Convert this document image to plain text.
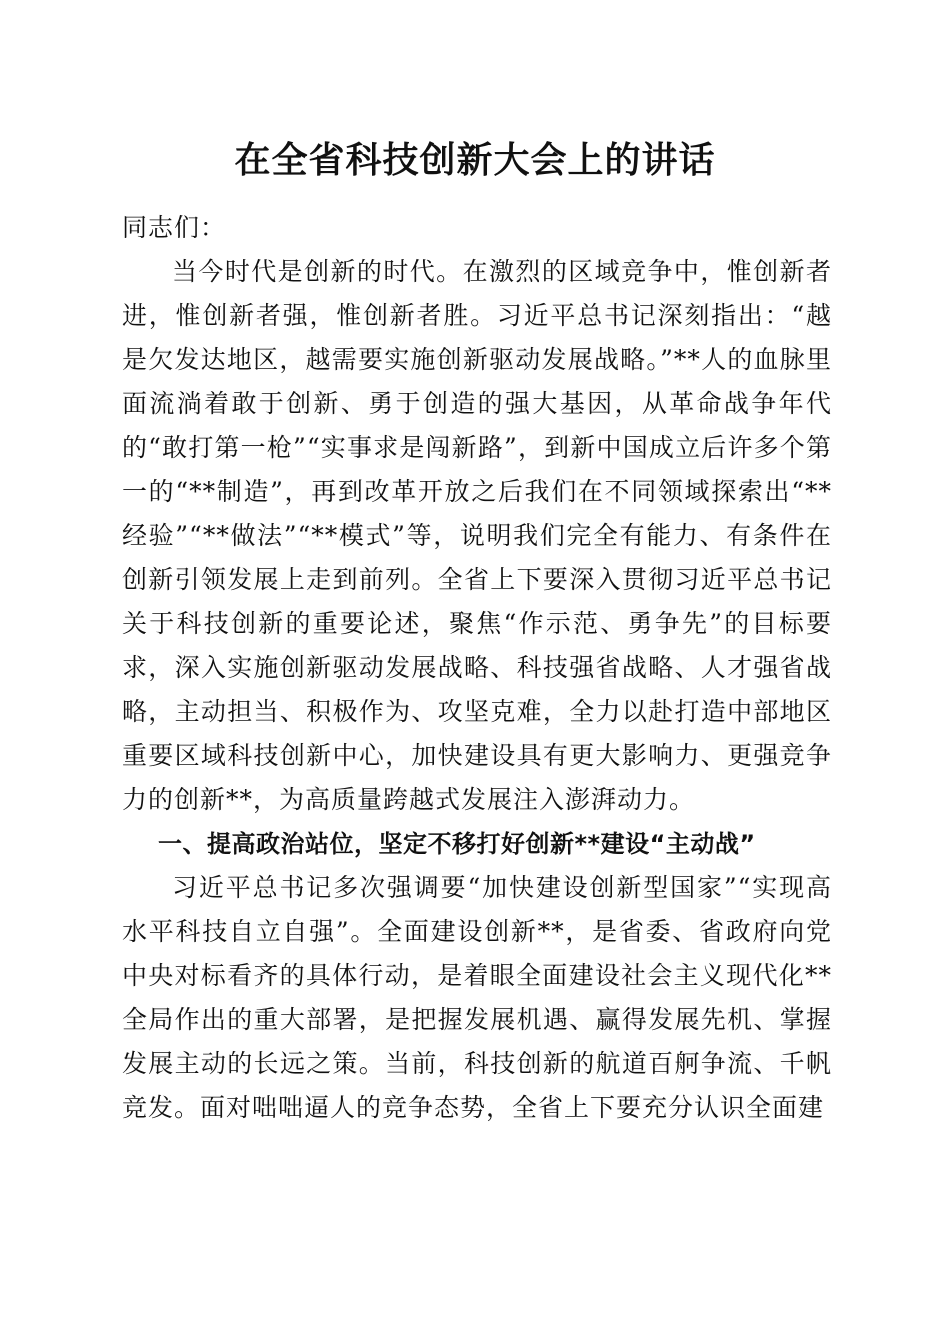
在全省科技创新大会上的讲话

同志们：

当今时代是创新的时代。在激烈的区域竞争中，惟创新者进，惟创新者强，惟创新者胜。习近平总书记深刻指出：“越是欠发达地区，越需要实施创新驱动发展战略。”**人的血脉里面流淌着敢于创新、勇于创造的强大基因，从革命战争年代的“敢打第一枪”“实事求是闯新路”，到新中国成立后许多个第一的“**制造”，再到改革开放之后我们在不同领域探索出“**经验”“**做法”“**模式”等，说明我们完全有能力、有条件在创新引领发展上走到前列。全省上下要深入贯彻习近平总书记关于科技创新的重要论述，聚焦“作示范、勇争先”的目标要求，深入实施创新驱动发展战略、科技强省战略、人才强省战略，主动担当、积极作为、攻坚克难，全力以赴打造中部地区重要区域科技创新中心，加快建设具有更大影响力、更强竞争力的创新**，为高质量跨越式发展注入澎湃动力。

一、提高政治站位，坚定不移打好创新**建设“主动战”

习近平总书记多次强调要“加快建设创新型国家”“实现高水平科技自立自强”。全面建设创新**，是省委、省政府向党中央对标看齐的具体行动，是着眼全面建设社会主义现代化**全局作出的重大部署，是把握发展机遇、赢得发展先机、掌握发展主动的长远之策。当前，科技创新的航道百舸争流、千帆竞发。面对咄咄逼人的竞争态势，全省上下要充分认识全面建
